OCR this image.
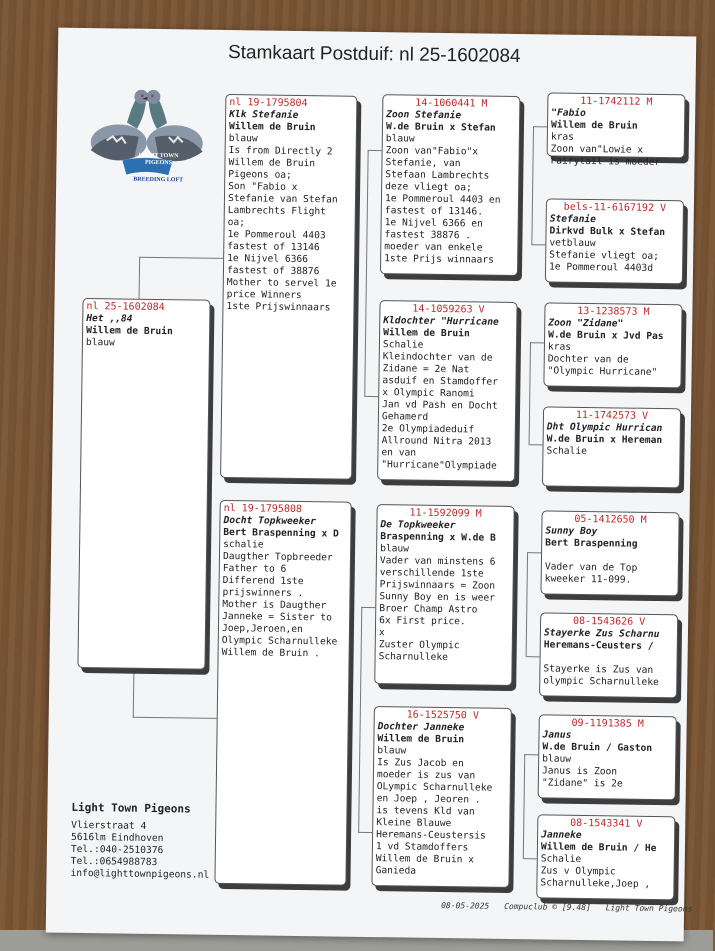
Stamkaart Postduif: nl 25-1602084
LIGHT TOWN
PIGEONS
BREEDING LOFT
nl 25-1602084
Het ,,84
Willem de Bruin
blauw
nl 19-1795804
Klk Stefanie
Willem de Bruin
blauw
Is from Directly 2
Willem de Bruin
Pigeons oa;
Son "Fabio x
Stefanie van Stefan
Lambrechts Flight
oa;
1e Pommeroul 4403
fastest of 13146
1e Nijvel 6366
fastest of 38876
Mother to servel 1e
price Winners
1ste Prijswinnaars
nl 19-1795808
Docht Topkweeker
Bert Braspenning x D
schalie
Daugther Topbreeder
Father to 6
Differend 1ste
prijswinners .
Mother is Daugther
Janneke = Sister to
Joep,Jeroen,en
Olympic Scharnulleke
Willem de Bruin .
14-1060441 M
Zoon Stefanie
W.de Bruin x Stefan
blauw
Zoon van"Fabio"x
Stefanie, van
Stefaan Lambrechts
deze vliegt oa;
1e Pommeroul 4403 en
fastest of 13146.
1e Nijvel 6366 en
fastest 38876 .
moeder van enkele
1ste Prijs winnaars
14-1059263 V
Kldochter "Hurricane
Willem de Bruin
Schalie
Kleindochter van de
Zidane = 2e Nat
asduif en Stamdoffer
x Olympic Ranomi
Jan vd Pash en Docht
Gehamerd
2e Olympiadeduif
Allround Nitra 2013
en van
"Hurricane"Olympiade
11-1592099 M
De Topkweeker
Braspenning x W.de B
blauw
Vader van minstens 6
verschillende 1ste
Prijswinnaars = Zoon
Sunny Boy en is weer
Broer Champ Astro
6x First price.
x
Zuster Olympic
Scharnulleke
16-1525750 V
Dochter Janneke
Willem de Bruin
blauw
Is Zus Jacob en
moeder is zus van
OLympic Scharnulleke
en Joep , Jeoren .
is tevens Kld van
Kleine Blauwe
Heremans-Ceustersis
1 vd Stamdoffers
Willem de Bruin x
Ganieda
11-1742112 M
"Fabio
Willem de Bruin
kras
Zoon van"Lowie x
Fairytail is moeder
bels-11-6167192 V
Stefanie
Dirkvd Bulk x Stefan
vetblauw
Stefanie vliegt oa;
1e Pommeroul 4403d
13-1238573 M
Zoon "Zidane"
W.de Bruin x Jvd Pas
kras
Dochter van de
"Olympic Hurricane"
11-1742573 V
Dht Olympic Hurrican
W.de Bruin x Hereman
Schalie
05-1412650 M
Sunny Boy
Bert Braspenning
Vader van de Top
kweeker 11-099.
08-1543626 V
Stayerke Zus Scharnu
Heremans-Ceusters /
Stayerke is Zus van
olympic Scharnulleke
09-1191385 M
Janus
W.de Bruin / Gaston
blauw
Janus is Zoon
"Zidane" is 2e
08-1543341 V
Janneke
Willem de Bruin / He
Schalie
Zus v Olympic
Scharnulleke,Joep ,
Light Town Pigeons
Vlierstraat 4
5616lm Eindhoven
Tel.:040-2510376
Tel.:0654988783
info@lighttownpigeons.nl
08-05-2025 Compuclub © [9.48] Light Town Pigeons
